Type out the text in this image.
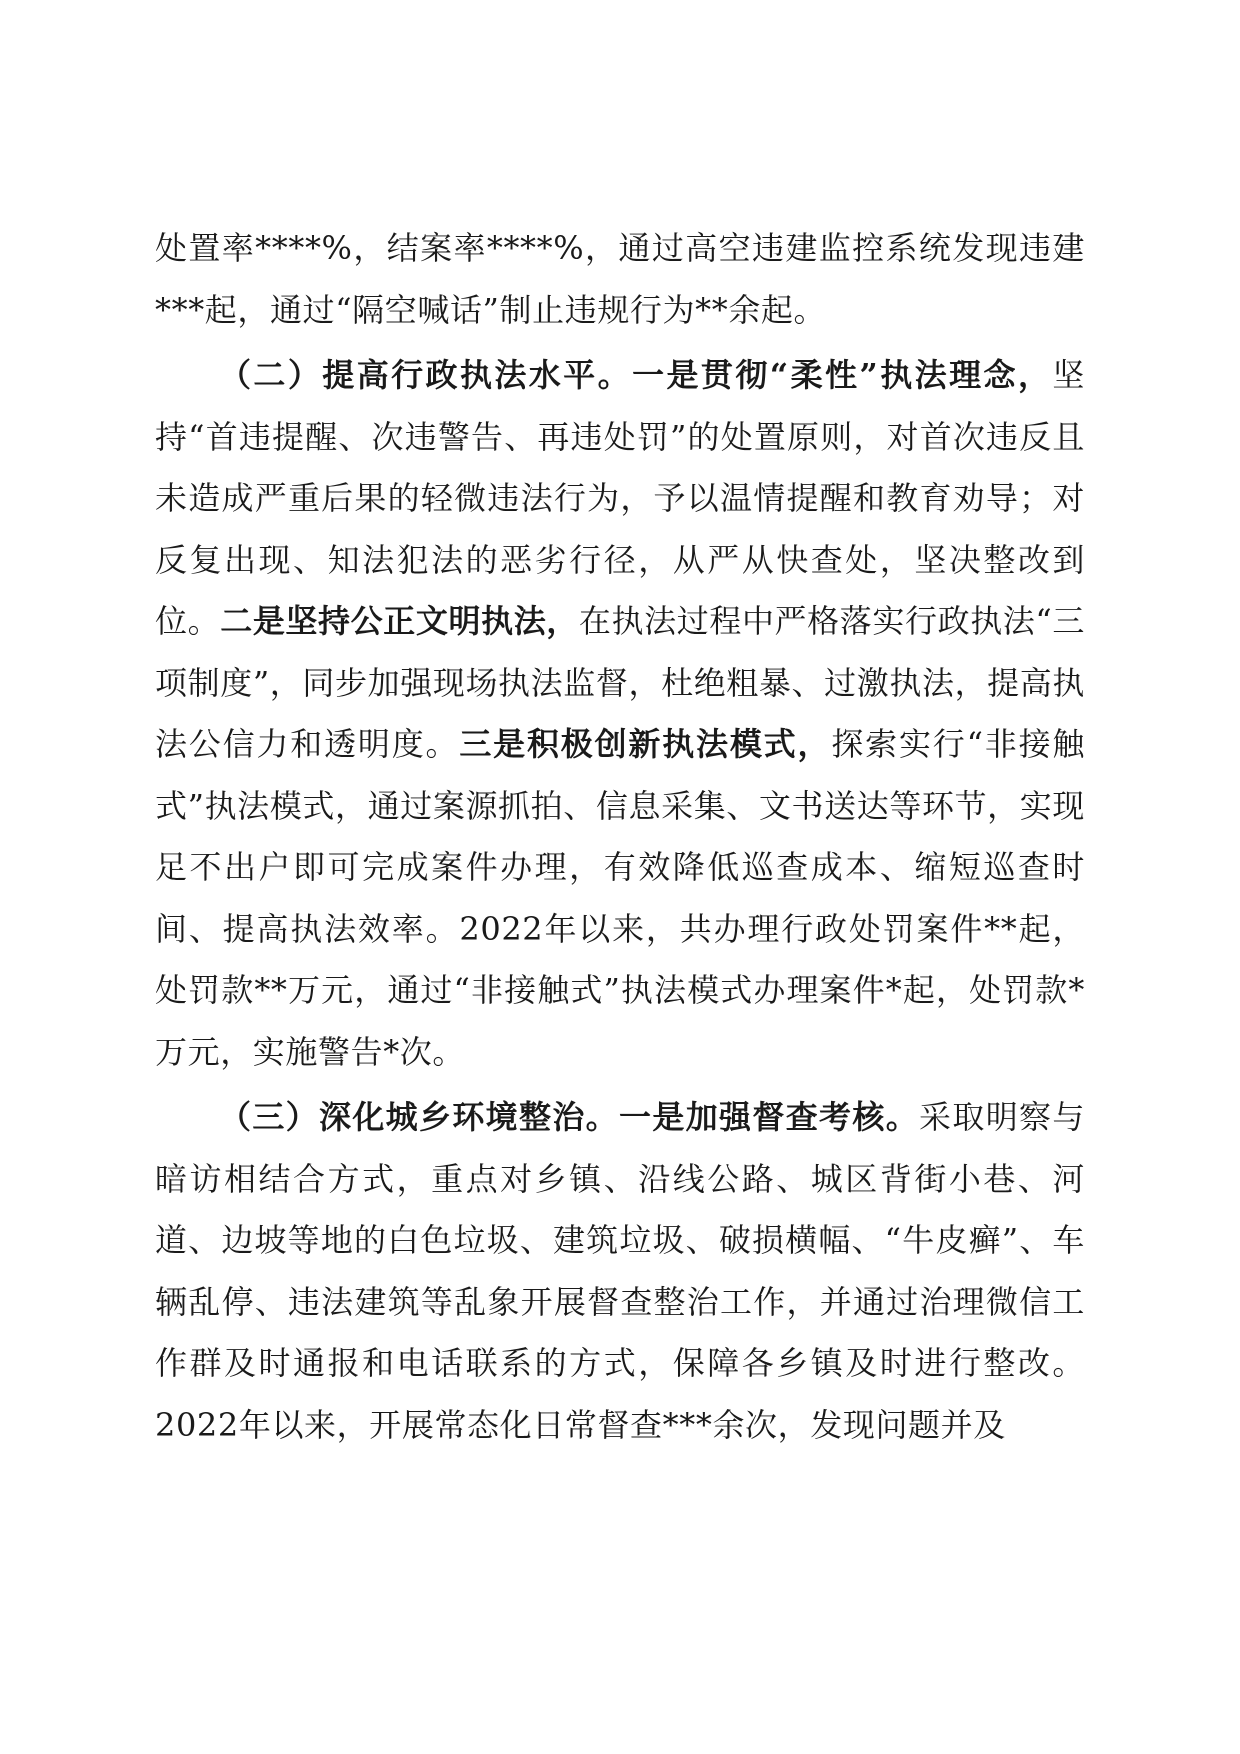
处置率****%，结案率****%，通过高空违建监控系统发现违建***起，通过“隔空喊话”制止违规行为**余起。

（二）提高行政执法水平。一是贯彻“柔性”执法理念，坚持“首违提醒、次违警告、再违处罚”的处置原则，对首次违反且未造成严重后果的轻微违法行为，予以温情提醒和教育劝导；对反复出现、知法犯法的恶劣行径，从严从快查处，坚决整改到位。二是坚持公正文明执法，在执法过程中严格落实行政执法“三项制度”，同步加强现场执法监督，杜绝粗暴、过激执法，提高执法公信力和透明度。三是积极创新执法模式，探索实行“非接触式”执法模式，通过案源抓拍、信息采集、文书送达等环节，实现足不出户即可完成案件办理，有效降低巡查成本、缩短巡查时间、提高执法效率。2022年以来，共办理行政处罚案件**起，处罚款**万元，通过“非接触式”执法模式办理案件*起，处罚款*万元，实施警告*次。

（三）深化城乡环境整治。一是加强督查考核。采取明察与暗访相结合方式，重点对乡镇、沿线公路、城区背街小巷、河道、边坡等地的白色垃圾、建筑垃圾、破损横幅、“牛皮癣”、车辆乱停、违法建筑等乱象开展督查整治工作，并通过治理微信工作群及时通报和电话联系的方式，保障各乡镇及时进行整改。2022年以来，开展常态化日常督查***余次，发现问题并及
